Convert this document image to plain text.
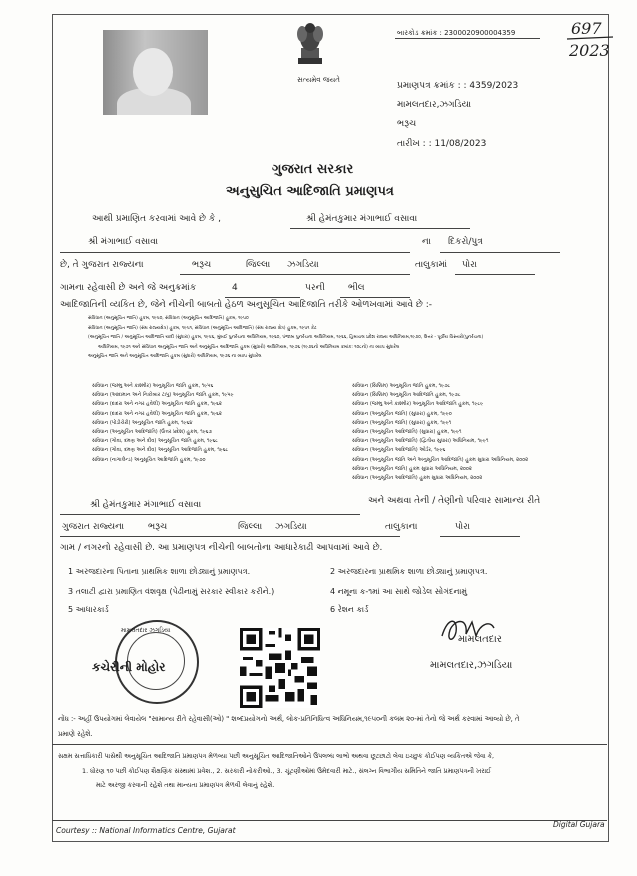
697
2023
સત્યમેવ જયતે
બારકોડ ક્રમાંક : 2300020900004359
પ્રમાણપત્ર ક્રમાંક : : 4359/2023
મામલતદાર,ઝગડિયા
ભરૂચ
તારીખ : : 11/08/2023
ગુજરાત સરકાર
અનુસુચિત આદિજાતિ પ્રમાણપત્ર
આથી પ્રમાણિત કરવામાં આવે છે કે ,	શ્રી હેમંતકુમાર મંગાભાઈ વસાવા
શ્રી મંગાભાઈ વસાવા	ના દિકરો/પુત્ર
છે, તે ગુજરાત રાજ્યના	ભરૂચ	જિલ્લા ઝગડિયા	તાલુકામાં પોરા
ગામના રહેવાસી છે અને જે અનુક્રમાંક	4	પરની	ભીલ
આદિજાતિની વ્યકિત છે, જેને નીચેની બાબતો હેઠળ અનુસૂચિત આદિજાતિ તરીકે ઓળખવામાં આવે છે :-
સંવિધાન (અનુસૂચિત જાતિ) હુકમ, ૧૯૫૦, સંવિધાન (અનુસૂચિત આદિજાતિ) હુકમ, ૧૯૫૦
સંવિધાન (અનુસૂચિત જાતિ) (સંઘ રાજ્યક્ષેત્ર) હુકમ, ૧૯૫૧, સંવિધાન (અનુસૂચિત આદિજાતિ) (સંઘ રાજ્ય ક્ષેત્ર) હુકમ, ૧૯૫૧ કેટ
(અનુસૂચિત જાતિ / અનુસૂચિત આદિજાતિ યાદી (સુધારા) હુકમ, ૧૯૫૬, મુંબઈ પુનર્રચના અધિનિયમ, ૧૯૬૦, પંજાબ પુનર્રચના અધિનિયમ, ૧૯૬૬, હિમાચલ પ્રદેશ રાજ્ય અધિનિયમ,૧૯૭૦, ઉત્તર - પૂર્વીય વિસ્તારો(પુનર્રચના)
અધિનિયમ, ૧૯૭૧ અને સંવિધાન અનુસૂચિત જાતિ અને અનુસૂચિત આદિજાતિ હુકમ (સુધારો) અધિનિયમ, ૧૯૭૬ (૧૯૭૬નો અધિનિયમ ક્રમાંક: ૧૦૮નો) ના વ્યાપ સુધારેલ
અનુસૂચિત જાતિ અને અનુસૂચિત આદિજાતિ હુકમ (સુધારો) અધિનિયમ, ૧૯૭૬ ના વ્યાપ સુધારેલ
સંવિધાન (જમ્મુ અને કાશ્મીર) અનુસૂચિત જાતિ હુકમ, ૧૯૫૬
સંવિધાન (આંદામાન અને નિકોબાર ટાપુ) અનુસૂચિત જાતિ હુકમ, ૧૯૫૯
સંવિધાન (દાદરા અને નગર હવેલી) અનુસૂચિત જાતિ હુકમ, ૧૯૬૨
સંવિધાન (દાદરા અને નગર હવેલી) અનુસૂચિત જાતિ હુકમ, ૧૯૬૨
સંવિધાન (પોંડીચેરી) અનુસૂચિત જાતિ હુકમ, ૧૯૬૪
સંવિધાન (અનુસૂચિત આદિજાતિ) (ઉત્તર પ્રદેશ) હુકમ, ૧૯૬૭
સંવિધાન (ગોવા, દમણ અને દીવ) અનુસૂચિત જાતિ હુકમ, ૧૯૬૮
સંવિધાન (ગોવા, દમણ અને દીવ) અનુસૂચિત આદિજાતિ હુકમ, ૧૯૬૮
સંવિધાન (નાગાલેન્ડ) અનુસૂચિત આદિજાતિ હુકમ, ૧૯૭૦
સંવિધાન (સિક્કિમ) અનુસૂચિત જાતિ હુકમ, ૧૯૭૮
સંવિધાન (સિક્કિમ) અનુસૂચિત આદિજાતિ હુકમ, ૧૯૭૮
સંવિધાન (જમ્મુ અને કાશ્મીર) અનુસૂચિત આદિજાતિ હુકમ, ૧૯૮૯
સંવિધાન (અનુસૂચિત જાતિ) (સુધારા) હુકમ, ૧૯૯૦
સંવિધાન (અનુસૂચિત જાતિ) (સુધારા) હુકમ, ૧૯૯૧
સંવિધાન (અનુસૂચિત આદિજાતિ) (સુધારા) હુકમ, ૧૯૯૧
સંવિધાન (અનુસૂચિત આદિજાતિ) (દ્વિતીય સુધારા) અધિનિયમ, ૧૯૯૧
સંવિધાન (અનુસૂચિત આદિજાતિ) ઓર્ડર, ૧૯૯૬
સંવિધાન (અનુસૂચિત જાતિ અને અનુસૂચિત આદિજાતિ) હુકમ સુધારા અધિનિયમ, ૨૦૦૨
સંવિધાન (અનુસૂચિત જાતિ) હુકમ સુધારા અધિનિયમ, ૨૦૦૨
સંવિધાન (અનુસૂચિત આદિજાતિ) હુકમ સુધારા અધિનિયમ, ૨૦૦૨
શ્રી હેમંતકુમાર મંગાભાઈ વસાવા	અને અથવા તેની / તેણીનો પરિવાર સામાન્ય રીતે
ગુજરાત રાજ્યના	ભરૂચ	જિલ્લા ઝગડિયા	તાલુકાના	પોરા
ગામ / નગરનો રહેવાસી છે. આ પ્રમાણપત્ર નીચેની બાબતોના આધારેકાઢી આપવામાં આવે છે.
1 અરજદારના પિતાના પ્રાથમિક શાળા છોડ્યાનું પ્રમાણપત્ર.	2 અરજદારના પ્રાથમિક શાળા છોડ્યાનું પ્રમાણપત્ર.
3 તલાટી દ્વારા પ્રમાણિત વંશવૃક્ષ (પેઢીનામું સરકાર સ્વીકાર કરીને.)	4 નમૂના ક-૧માં આ સાથે જોડેલ સોગંદનામું
5 આધારકાર્ડ	6 રેશન કાર્ડ
મામલતદાર ઝગડિયા
કચેરીની મોહોર
મામલતદાર
મામલતદાર,ઝગડિયા
નોંધ :- અહીં ઉપયોગમાં લેવાયેલ "સામાન્ય રીતે રહેવાસી(ઓ) " શબ્દપ્રયોગનો અર્થ, લોક-પ્રતિનિધિત્વ અધિનિયમ,૧૯૫૦ની કલમ ૨૦-માં તેનો જે અર્થ કરવામાં આવ્યો છે, તે
પ્રમાણે રહેશે.
સક્ષમ સત્તાધિકારી પાસેથી અનુસૂચિત આદિજાતિ પ્રમાણપત્ર મેળવ્યા પછી અનુસૂચિત આદિજાતિઓને ઉપલબ્ધ લાભો અથવા છૂટછાટો લેવા ઇચ્છુક કોઈપણ વ્યકિતએ જેવા કે,
1. ધોરણ ૧૦ પછી કોઈપણ શૈક્ષણિક સંસ્થામાં પ્રવેશ., 2. સરકારી નોકરીઓ., 3. ચૂંટણીઓમાં ઉમેદવારી માટે., સંલગ્ન વિભાગીય સમિતિને જાતિ પ્રમાણપત્રની ખરાઈ
માટે અરજી કરવાની રહેશે તથા માન્યતા પ્રમાણપત્ર મેળવી લેવાનું રહેશે.
Courtesy :: National Informatics Centre, Gujarat
Digital Gujara
